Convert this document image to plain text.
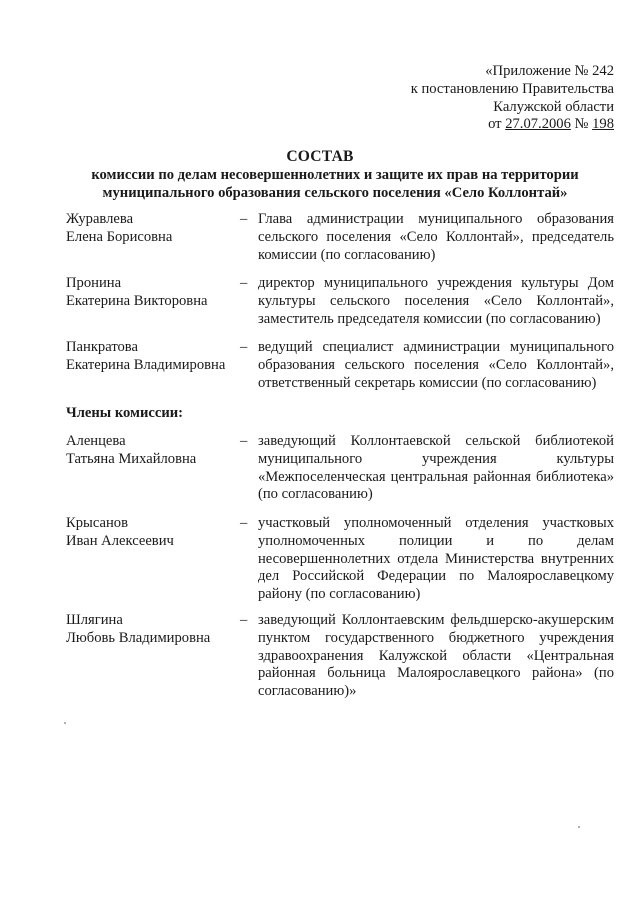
«Приложение № 242
к постановлению Правительства
Калужской области
от 27.07.2006 № 198
СОСТАВ
комиссии по делам несовершеннолетних и защите их прав на территории муниципального образования сельского поселения «Село Коллонтай»
Журавлева
Елена Борисовна
– Глава администрации муниципального образования сельского поселения «Село Коллонтай», председатель комиссии (по согласованию)
Пронина
Екатерина Викторовна
– директор муниципального учреждения культуры Дом культуры сельского поселения «Село Коллонтай», заместитель председателя комиссии (по согласованию)
Панкратова
Екатерина Владимировна
– ведущий специалист администрации муниципального образования сельского поселения «Село Коллонтай», ответственный секретарь комиссии (по согласованию)
Члены комиссии:
Аленцева
Татьяна Михайловна
– заведующий Коллонтаевской сельской библиотекой муниципального учреждения культуры «Межпоселенческая центральная районная библиотека» (по согласованию)
Крысанов
Иван Алексеевич
– участковый уполномоченный отделения участковых уполномоченных полиции и по делам несовершеннолетних отдела Министерства внутренних дел Российской Федерации по Малоярославецкому району (по согласованию)
Шлягина
Любовь Владимировна
– заведующий Коллонтаевским фельдшерско-акушерским пунктом государственного бюджетного учреждения здравоохранения Калужской области «Центральная районная больница Малоярославецкого района» (по согласованию)»
